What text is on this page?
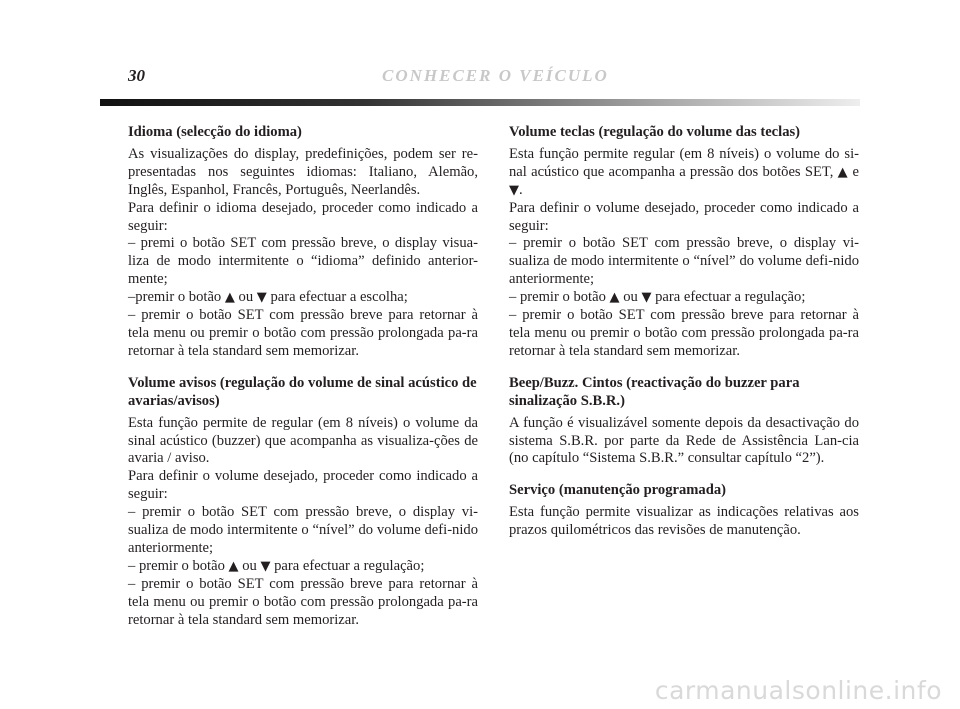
30	CONHECER O VEÍCULO
Idioma (selecção do idioma)

As visualizações do display, predefinições, podem ser re-presentadas nos seguintes idiomas: Italiano, Alemão, Inglês, Espanhol, Francês, Português, Neerlandês.

Para definir o idioma desejado, proceder como indicado a seguir:

– premi o botão SET com pressão breve, o display visua-liza de modo intermitente o “idioma” definido anterior-mente;

–premir o botão ▲ ou ▼ para efectuar a escolha;

– premir o botão SET com pressão breve para retornar à tela menu ou premir o botão com pressão prolongada pa-ra retornar à tela standard sem memorizar.

Volume avisos (regulação do volume de sinal acústico de avarias/avisos)

Esta função permite de regular (em 8 níveis) o volume da sinal acústico (buzzer) que acompanha as visualiza-ções de avaria / aviso.

Para definir o volume desejado, proceder como indicado a seguir:

– premir o botão SET com pressão breve, o display vi-sualiza de modo intermitente o “nível” do volume defi-nido anteriormente;

– premir o botão ▲ ou ▼ para efectuar a regulação;

– premir o botão SET com pressão breve para retornar à tela menu ou premir o botão com pressão prolongada pa-ra retornar à tela standard sem memorizar.

Volume teclas (regulação do volume das teclas)

Esta função permite regular (em 8 níveis) o volume do si-nal acústico que acompanha a pressão dos botões SET, ▲ e ▼.

Para definir o volume desejado, proceder como indicado a seguir:

– premir o botão SET com pressão breve, o display vi-sualiza de modo intermitente o “nível” do volume defi-nido anteriormente;

– premir o botão ▲ ou ▼ para efectuar a regulação;

– premir o botão SET com pressão breve para retornar à tela menu ou premir o botão com pressão prolongada pa-ra retornar à tela standard sem memorizar.

Beep/Buzz. Cintos (reactivação do buzzer para sinalização S.B.R.)

A função é visualizável somente depois da desactivação do sistema S.B.R. por parte da Rede de Assistência Lan-cia (no capítulo “Sistema S.B.R.” consultar capítulo “2”).

Serviço (manutenção programada)

Esta função permite visualizar as indicações relativas aos prazos quilométricos das revisões de manutenção.

carmanualsonline.info
